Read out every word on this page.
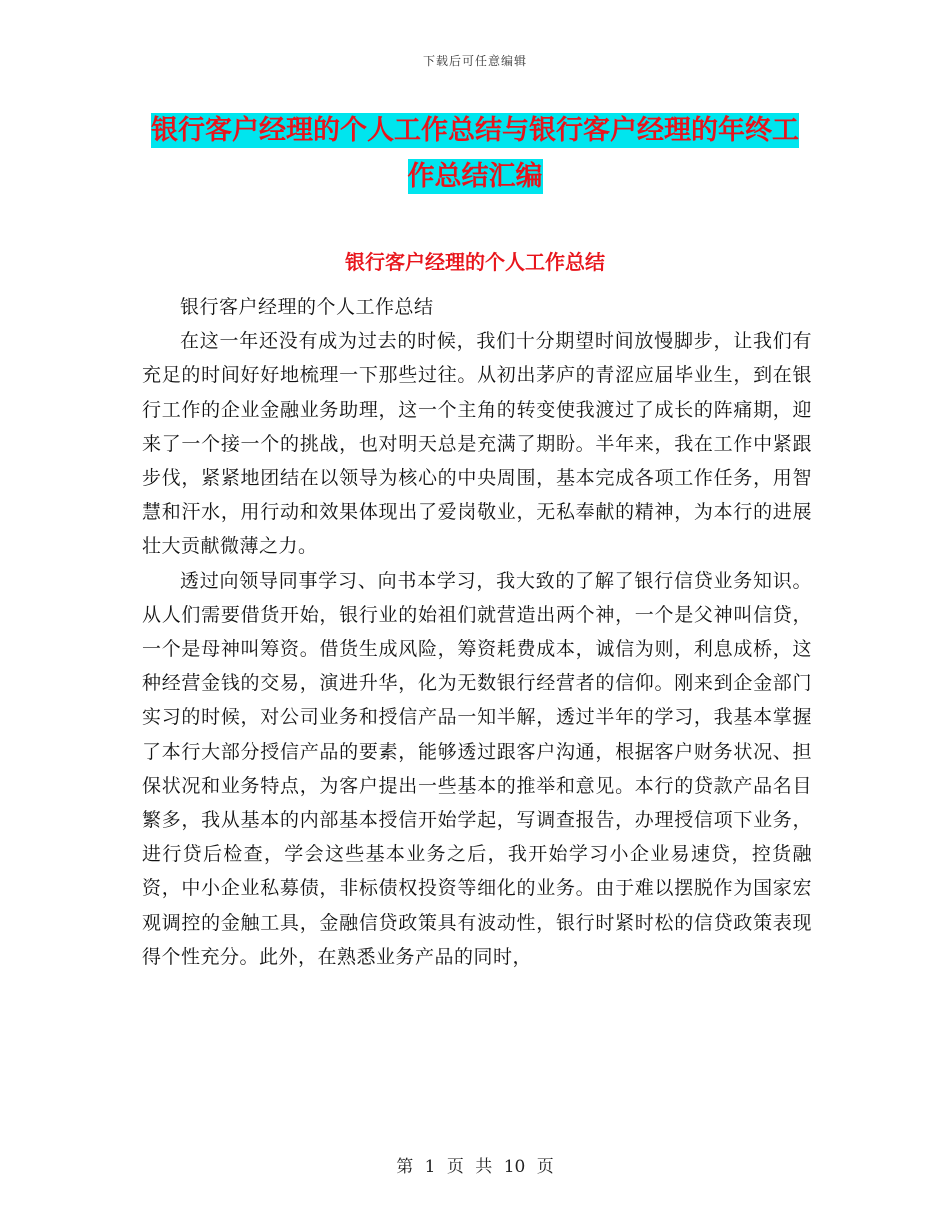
下载后可任意编辑
银行客户经理的个人工作总结与银行客户经理的年终工作总结汇编
银行客户经理的个人工作总结

银行客户经理的个人工作总结

在这一年还没有成为过去的时候，我们十分期望时间放慢脚步，让我们有充足的时间好好地梳理一下那些过往。从初出茅庐的青涩应届毕业生，到在银行工作的企业金融业务助理，这一个主角的转变使我渡过了成长的阵痛期，迎来了一个接一个的挑战，也对明天总是充满了期盼。半年来，我在工作中紧跟步伐，紧紧地团结在以领导为核心的中央周围，基本完成各项工作任务，用智慧和汗水，用行动和效果体现出了爱岗敬业，无私奉献的精神，为本行的进展壮大贡献微薄之力。

透过向领导同事学习、向书本学习，我大致的了解了银行信贷业务知识。从人们需要借货开始，银行业的始祖们就营造出两个神，一个是父神叫信贷，一个是母神叫筹资。借货生成风险，筹资耗费成本，诚信为则，利息成桥，这种经营金钱的交易，演进升华，化为无数银行经营者的信仰。刚来到企金部门实习的时候，对公司业务和授信产品一知半解，透过半年的学习，我基本掌握了本行大部分授信产品的要素，能够透过跟客户沟通，根据客户财务状况、担保状况和业务特点，为客户提出一些基本的推举和意见。本行的贷款产品名目繁多，我从基本的内部基本授信开始学起，写调查报告，办理授信项下业务，进行贷后检查，学会这些基本业务之后，我开始学习小企业易速贷，控货融资，中小企业私募债，非标债权投资等细化的业务。由于难以摆脱作为国家宏观调控的金触工具，金融信贷政策具有波动性，银行时紧时松的信贷政策表现得个性充分。此外，在熟悉业务产品的同时，

第 1 页 共 10 页
